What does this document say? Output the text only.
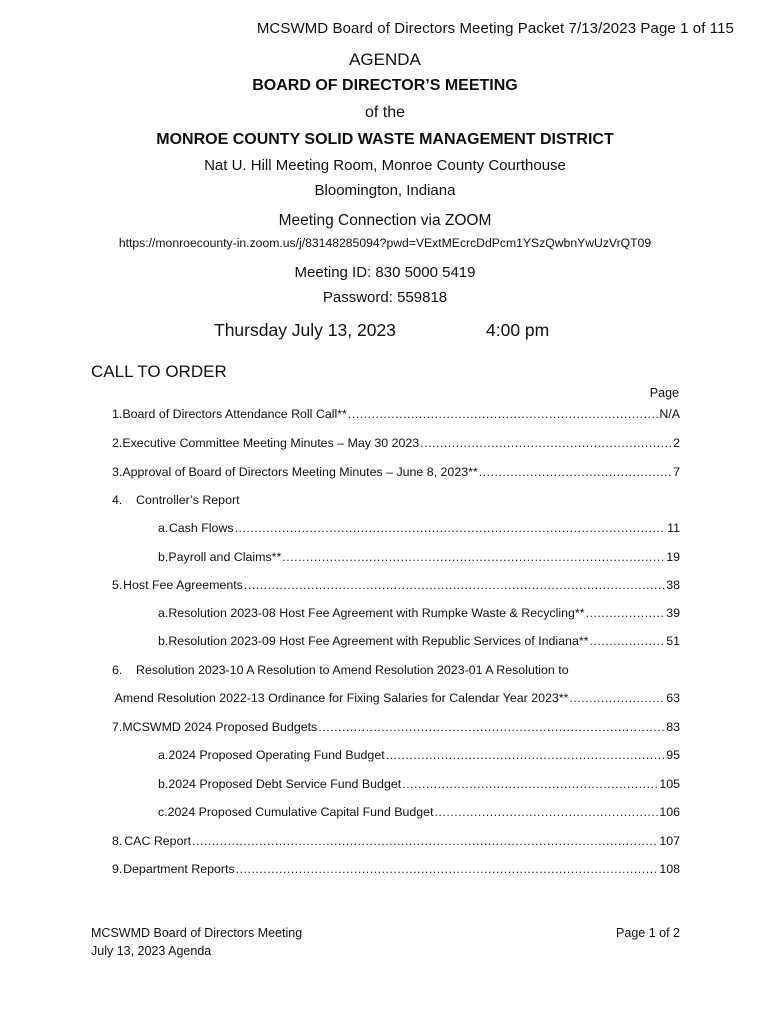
MCSWMD Board of Directors Meeting Packet 7/13/2023 Page 1 of 115
AGENDA
BOARD OF DIRECTOR’S MEETING
of the
MONROE COUNTY SOLID WASTE MANAGEMENT DISTRICT
Nat U. Hill Meeting Room, Monroe County Courthouse
Bloomington, Indiana
Meeting Connection via ZOOM
https://monroecounty-in.zoom.us/j/83148285094?pwd=VExtMEcrcDdPcm1YSzQwbnYwUzVrQT09
Meeting ID: 830 5000 5419
Password: 559818
Thursday July 13, 2023	4:00 pm
CALL TO ORDER
Page
1. Board of Directors Attendance Roll Call** .....	N/A
2. Executive Committee Meeting Minutes – May 30 2023 .....	2
3. Approval of Board of Directors Meeting Minutes – June 8, 2023** .....	7
4.	Controller’s Report
a. Cash Flows .....	11
b. Payroll and Claims** .....	19
5. Host Fee Agreements .....	38
a. Resolution 2023-08 Host Fee Agreement with Rumpke Waste & Recycling** .....	39
b. Resolution 2023-09 Host Fee Agreement with Republic Services of Indiana** .....	51
6.	Resolution 2023-10 A Resolution to Amend Resolution 2023-01 A Resolution to
Amend Resolution 2022-13 Ordinance for Fixing Salaries for Calendar Year 2023** .....	63
7. MCSWMD 2024 Proposed Budgets .....	83
a. 2024 Proposed Operating Fund Budget .....	95
b. 2024 Proposed Debt Service Fund Budget .....	105
c. 2024 Proposed Cumulative Capital Fund Budget .....	106
8. CAC Report .....	107
9. Department Reports .....	108
MCSWMD Board of Directors Meeting
July 13, 2023 Agenda
Page 1 of 2
